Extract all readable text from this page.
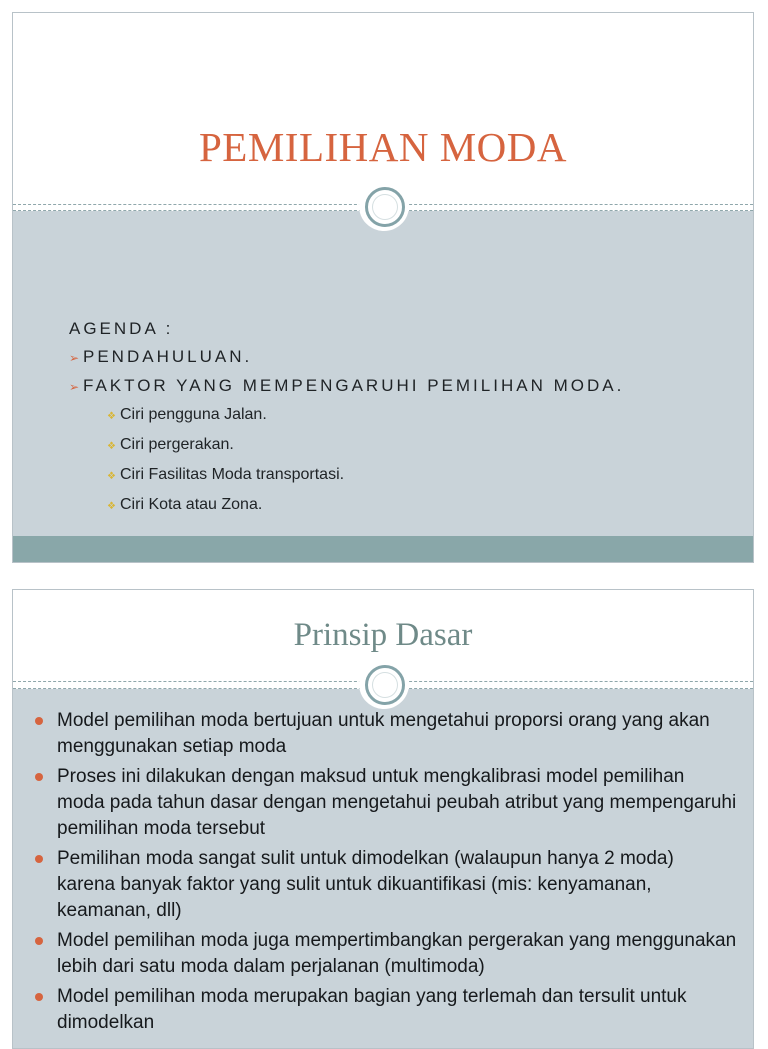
PEMILIHAN MODA
AGENDA :
➢ PENDAHULUAN.
➢ FAKTOR YANG MEMPENGARUHI PEMILIHAN MODA.
❖ Ciri pengguna Jalan.
❖ Ciri pergerakan.
❖ Ciri Fasilitas Moda transportasi.
❖ Ciri Kota atau Zona.
Prinsip Dasar
Model pemilihan moda bertujuan untuk mengetahui proporsi orang yang akan menggunakan setiap moda
Proses ini dilakukan dengan maksud untuk mengkalibrasi model pemilihan moda pada tahun dasar dengan mengetahui peubah atribut yang mempengaruhi pemilihan moda tersebut
Pemilihan moda sangat sulit untuk dimodelkan (walaupun hanya 2 moda) karena banyak faktor yang sulit untuk dikuantifikasi (mis: kenyamanan, keamanan, dll)
Model pemilihan moda juga mempertimbangkan pergerakan yang menggunakan lebih dari satu moda dalam perjalanan (multimoda)
Model pemilihan moda merupakan bagian yang terlemah dan tersulit untuk dimodelkan
